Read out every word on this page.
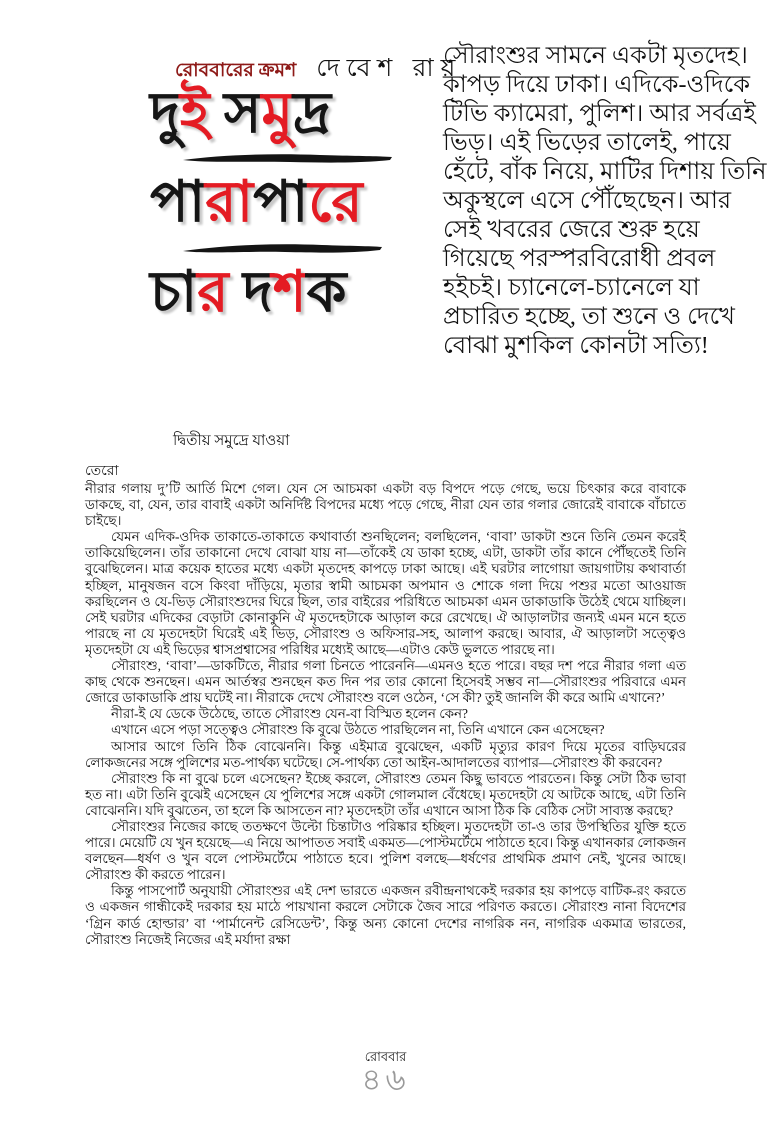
রোববারের ক্রমশ দেবেশ রায়
দুই সমুদ্র
পারাপারে
চার দশক
সৌরাংশুর সামনে একটা মৃতদেহ। কাপড় দিয়ে ঢাকা। এদিকে-ওদিকে টিভি ক্যামেরা, পুলিশ। আর সর্বত্রই ভিড়। এই ভিড়ের তালেই, পায়ে হেঁটে, বাঁক নিয়ে, মাটির দিশায় তিনি অকুস্থলে এসে পৌঁছেছেন। আর সেই খবরের জেরে শুরু হয়ে গিয়েছে পরস্পরবিরোধী প্রবল হইচই। চ্যানেলে-চ্যানেলে যা প্রচারিত হচ্ছে, তা শুনে ও দেখে বোঝা মুশকিল কোনটা সত্যি!
দ্বিতীয় সমুদ্রে যাওয়া
তেরো

নীরার গলায় দু’টি আর্তি মিশে গেল। যেন সে আচমকা একটা বড় বিপদে পড়ে গেছে, ভয়ে চিৎকার করে বাবাকে ডাকছে, বা, যেন, তার বাবাই একটা অনির্দিষ্ট বিপদের মধ্যে পড়ে গেছে, নীরা যেন তার গলার জোরেই বাবাকে বাঁচাতে চাইছে।

যেমন এদিক-ওদিক তাকাতে-তাকাতে কথাবার্তা শুনছিলেন; বলছিলেন, ‘বাবা’ ডাকটা শুনে তিনি তেমন করেই তাকিয়েছিলেন। তাঁর তাকানো দেখে বোঝা যায় না—তাঁকেই যে ডাকা হচ্ছে, এটা, ডাকটা তাঁর কানে পৌঁছতেই তিনি বুঝেছিলেন। মাত্র কয়েক হাতের মধ্যে একটা মৃতদেহ কাপড়ে ঢাকা আছে। এই ঘরটার লাগোয়া জায়গাটায় কথাবার্তা হচ্ছিল, মানুষজন বসে কিংবা দাঁড়িয়ে, মৃতার স্বামী আচমকা অপমান ও শোকে গলা দিয়ে পশুর মতো আওয়াজ করছিলেন ও যে-ভিড় সৌরাংশুদের ঘিরে ছিল, তার বাইরের পরিধিতে আচমকা এমন ডাকাডাকি উঠেই থেমে যাচ্ছিল। সেই ঘরটার এদিকের বেড়াটা কোনাকুনি ঐ মৃতদেহটাকে আড়াল করে রেখেছে। ঐ আড়ালটার জন্যই এমন মনে হতে পারছে না যে মৃতদেহটা ঘিরেই এই ভিড়, সৌরাংশু ও অফিসার-সহ, আলাপ করছে। আবার, ঐ আড়ালটা সত্ত্বেও মৃতদেহটা যে এই ভিড়ের শ্বাসপ্রশ্বাসের পরিধির মধ্যেই আছে—এটাও কেউ ভুলতে পারছে না।

সৌরাংশু, ‘বাবা’—ডাকটিতে, নীরার গলা চিনতে পারেননি—এমনও হতে পারে। বছর দশ পরে নীরার গলা এত কাছ থেকে শুনছেন। এমন আর্তস্বর শুনছেন কত দিন পর তার কোনো হিসেবই সম্ভব না—সৌরাংশুর পরিবারে এমন জোরে ডাকাডাকি প্রায় ঘটেই না। নীরাকে দেখে সৌরাংশু বলে ওঠেন, ‘সে কী? তুই জানলি কী করে আমি এখানে?’

নীরা-ই যে ডেকে উঠেছে, তাতে সৌরাংশু যেন-বা বিস্মিত হলেন কেন?

এখানে এসে পড়া সত্ত্বেও সৌরাংশু কি বুঝে উঠতে পারছিলেন না, তিনি এখানে কেন এসেছেন?

আসার আগে তিনি ঠিক বোঝেননি। কিন্তু এইমাত্র বুঝেছেন, একটি মৃত্যুর কারণ দিয়ে মৃতের বাড়িঘরের লোকজনের সঙ্গে পুলিশের মত-পার্থক্য ঘটেছে। সে-পার্থক্য তো আইন-আদালতের ব্যাপার—সৌরাংশু কী করবেন?

সৌরাংশু কি না বুঝে চলে এসেছেন? ইচ্ছে করলে, সৌরাংশু তেমন কিছু ভাবতে পারতেন। কিন্তু সেটা ঠিক ভাবা হত না। এটা তিনি বুঝেই এসেছেন যে পুলিশের সঙ্গে একটা গোলমাল বেঁধেছে। মৃতদেহটা যে আটকে আছে, এটা তিনি বোঝেননি। যদি বুঝতেন, তা হলে কি আসতেন না? মৃতদেহটা তাঁর এখানে আসা ঠিক কি বেঠিক সেটা সাব্যস্ত করছে?

সৌরাংশুর নিজের কাছে ততক্ষণে উল্টো চিন্তাটাও পরিষ্কার হচ্ছিল। মৃতদেহটা তা-ও তার উপস্থিতির যুক্তি হতে পারে। মেয়েটি যে খুন হয়েছে—এ নিয়ে আপাতত সবাই একমত—পোস্টমর্টেমে পাঠাতে হবে। কিন্তু এখানকার লোকজন বলছেন—ধর্ষণ ও খুন বলে পোস্টমর্টেমে পাঠাতে হবে। পুলিশ বলছে—ধর্ষণের প্রাথমিক প্রমাণ নেই, খুনের আছে। সৌরাংশু কী করতে পারেন।

কিন্তু পাসপোর্ট অনুযায়ী সৌরাংশুর এই দেশ ভারতে একজন রবীন্দ্রনাথকেই দরকার হয় কাপড়ে বাটিক-রং করতে ও একজন গান্ধীকেই দরকার হয় মাঠে পায়খানা করলে সেটাকে জৈব সারে পরিণত করতে। সৌরাংশু নানা বিদেশের ‘গ্রিন কার্ড হোল্ডার’ বা ‘পার্মানেন্ট রেসিডেন্ট’, কিন্তু অন্য কোনো দেশের নাগরিক নন, নাগরিক একমাত্র ভারতের, সৌরাংশু নিজেই নিজের এই মর্যাদা রক্ষা

রোববার
৪৬
